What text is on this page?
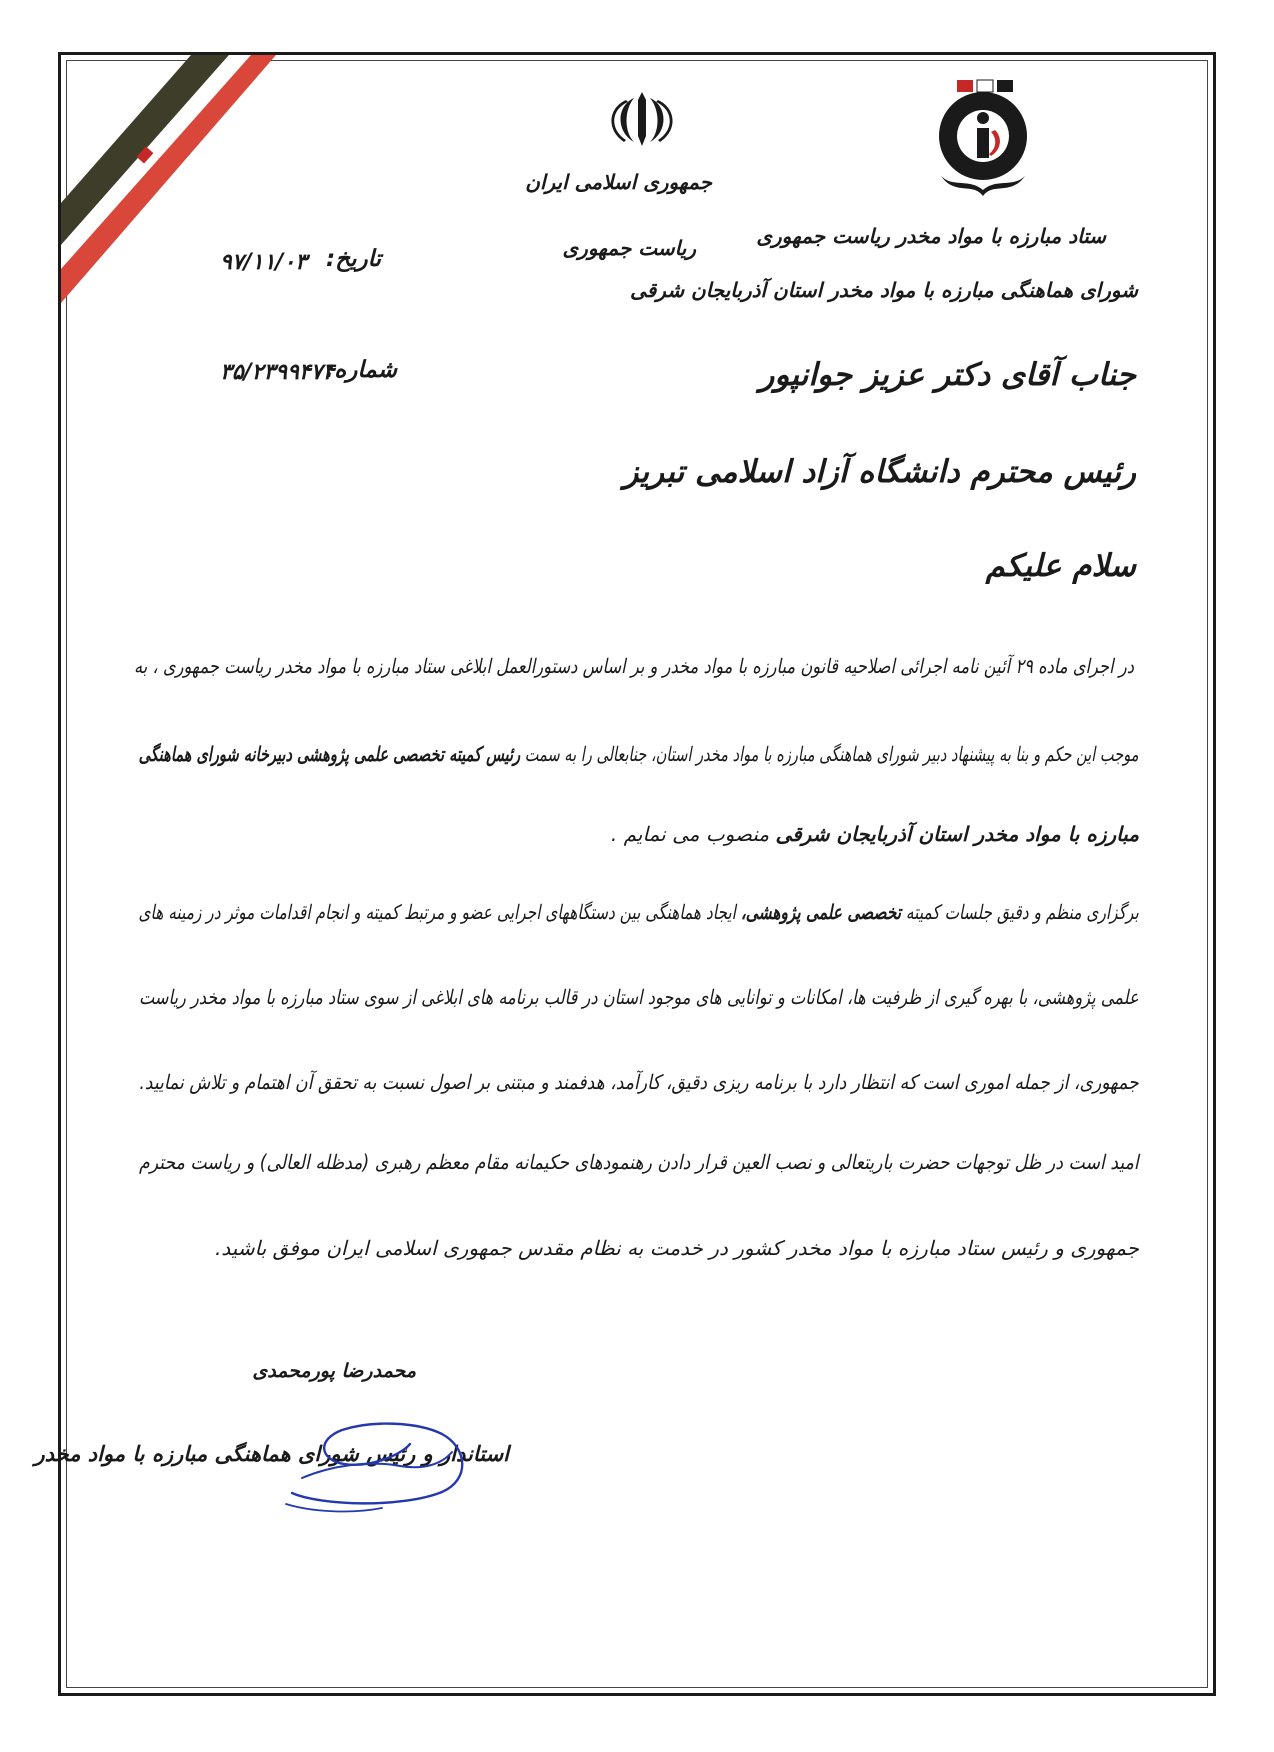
جمهوری اسلامی ایران
ریاست جمهوری	ستاد مبارزه با مواد مخدر ریاست جمهوری
شورای هماهنگی مبارزه با مواد مخدر استان آذربایجان شرقی
تاریخ:
۹۷/۱۱/۰۳
شماره:
۳۵/۲۳۹۹۴۷۴	جناب آقای دکتر عزیز جوانپور
رئیس محترم دانشگاه آزاد اسلامی تبریز
سلام علیکم
در اجرای ماده ۲۹ آئین نامه اجرائی اصلاحیه قانون مبارزه با مواد مخدر و بر اساس دستورالعمل ابلاغی ستاد مبارزه با مواد مخدر ریاست جمهوری ، به
موجب این حکم و بنا به پیشنهاد دبیر شورای هماهنگی مبارزه با مواد مخدر استان، جنابعالی را به سمت رئیس کمیته تخصصی علمی پژوهشی دبیرخانه شورای هماهنگی
مبارزه با مواد مخدر استان آذربایجان شرقی منصوب می نمایم .
برگزاری منظم و دقیق جلسات کمیته تخصصی علمی پژوهشی، ایجاد هماهنگی بین دستگاههای اجرایی عضو و مرتبط کمیته و انجام اقدامات موثر در زمینه های
علمی پژوهشی، با بهره گیری از ظرفیت ها، امکانات و توانایی های موجود استان در قالب برنامه های ابلاغی از سوی ستاد مبارزه با مواد مخدر ریاست
جمهوری، از جمله اموری است که انتظار دارد با برنامه ریزی دقیق، کارآمد، هدفمند و مبتنی بر اصول نسبت به تحقق آن اهتمام و تلاش نمایید.
امید است در ظل توجهات حضرت باریتعالی و نصب العین قرار دادن رهنمودهای حکیمانه مقام معظم رهبری (مدظله العالی) و ریاست محترم
جمهوری و رئیس ستاد مبارزه با مواد مخدر کشور در خدمت به نظام مقدس جمهوری اسلامی ایران موفق باشید.
محمدرضا پورمحمدی
استاندار و رئیس شورای هماهنگی مبارزه با مواد مخدر
